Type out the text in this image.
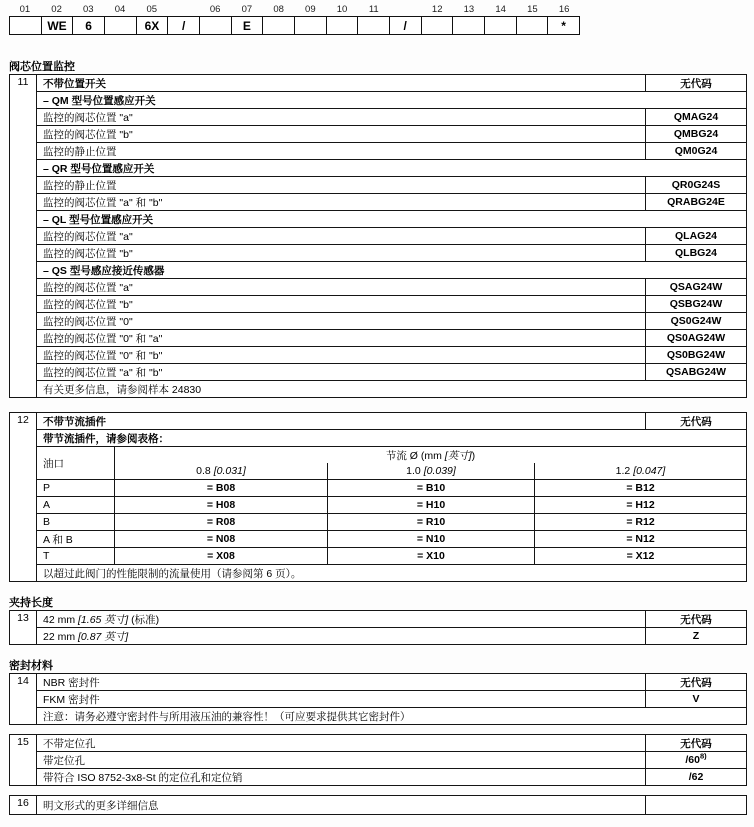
01	02	03	04	05		06	07	08	09	10	11		12	13	14	15	16
	WE	6		6X	/		E					/					*
阀芯位置监控
11	不带位置开关	无代码
	– QM 型号位置感应开关	
	监控的阀芯位置 "a"	QMAG24
	监控的阀芯位置 "b"	QMBG24
	监控的静止位置	QM0G24
	– QR 型号位置感应开关	
	监控的静止位置	QR0G24S
	监控的阀芯位置 "a" 和 "b"	QRABG24E
	– QL 型号位置感应开关	
	监控的阀芯位置 "a"	QLAG24
	监控的阀芯位置 "b"	QLBG24
	– QS 型号感应接近传感器	
	监控的阀芯位置 "a"	QSAG24W
	监控的阀芯位置 "b"	QSBG24W
	监控的阀芯位置 "0"	QS0G24W
	监控的阀芯位置 "0" 和 "a"	QS0AG24W
	监控的阀芯位置 "0" 和 "b"	QS0BG24W
	监控的阀芯位置 "a" 和 "b"	QSABG24W
	有关更多信息，请参阅样本 24830	
12	不带节流插件				无代码
	带节流插件，请参阅表格：				
	油口	节流 Ø (mm [英寸])			
		0.8 [0.031]	1.0 [0.039]	1.2 [0.047]	
	P	= B08	= B10	= B12	
	A	= H08	= H10	= H12	
	B	= R08	= R10	= R12	
	A 和 B	= N08	= N10	= N12	
	T	= X08	= X10	= X12	
	以超过此阀门的性能限制的流量使用（请参阅第 6 页）。				
夹持长度
13	42 mm [1.65 英寸] (标准)	无代码
	22 mm [0.87 英寸]	Z
密封材料
14	NBR 密封件	无代码
	FKM 密封件	V
	注意：请务必遵守密封件与所用液压油的兼容性！（可应要求提供其它密封件）	
15	不带定位孔	无代码
	带定位孔	/60$^{8)}$
	带符合 ISO 8752-3x8-St 的定位孔和定位销	/62
16	明文形式的更多详细信息	
